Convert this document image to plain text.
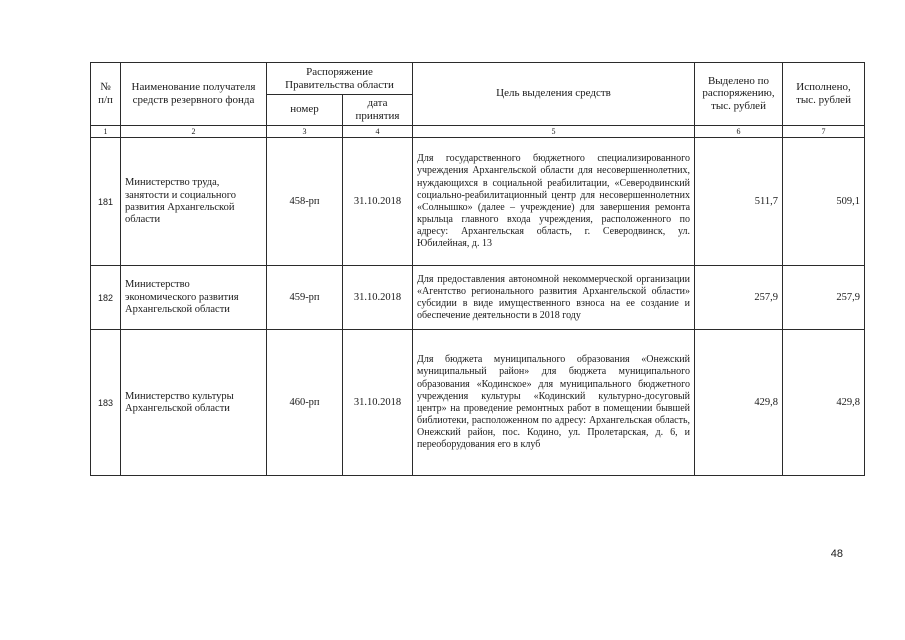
№ п/п	Наименование получателя средств резервного фонда	Распоряжение Правительства области		Цель выделения средств	Выделено по распоряжению, тыс. рублей	Исполнено, тыс. рублей
		номер	дата принятия			
1	2	3	4	5	6	7
181	Министерство труда, занятости и социального развития Архангельской области	458-рп	31.10.2018	Для государственного бюджетного специализированного учреждения Архангельской области для несовершеннолетних, нуждающихся в социальной реабилитации, «Северодвинский социально-реабилитационный центр для несовершеннолетних «Солнышко» (далее – учреждение) для завершения ремонта крыльца главного входа учреждения, расположенного по адресу: Архангельская область, г. Северодвинск, ул. Юбилейная, д. 13	511,7	509,1
182	Министерство экономического развития Архангельской области	459-рп	31.10.2018	Для предоставления автономной некоммерческой организации «Агентство регионального развития Архангельской области» субсидии в виде имущественного взноса на ее создание и обеспечение деятельности в 2018 году	257,9	257,9
183	Министерство культуры Архангельской области	460-рп	31.10.2018	Для бюджета муниципального образования «Онежский муниципальный район» для бюджета муниципального образования «Кодинское» для муниципального бюджетного учреждения культуры «Кодинский культурно-досуговый центр» на проведение ремонтных работ в помещении бывшей библиотеки, расположенном по адресу: Архангельская область, Онежский район, пос. Кодино, ул. Пролетарская, д. 6, и переоборудования его в клуб	429,8	429,8
48
